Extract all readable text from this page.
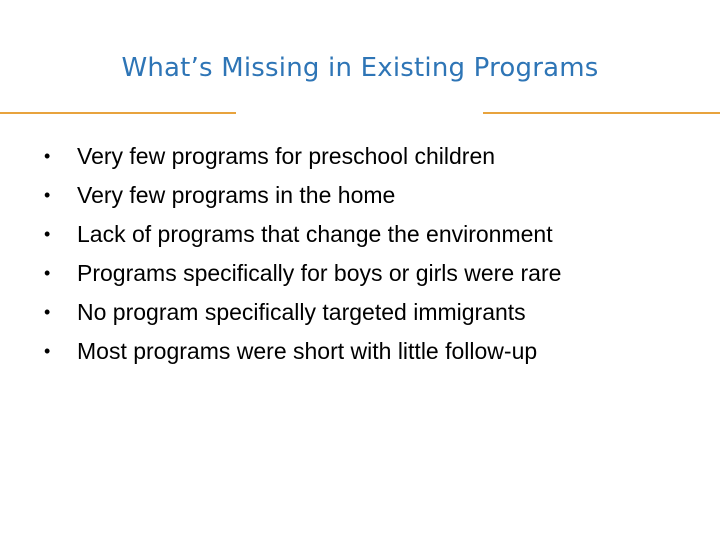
What’s Missing in Existing Programs
•	Very few programs for preschool children
•	Very few programs in the home
•	Lack of programs that change the environment
•	Programs specifically for boys or girls were rare
•	No program specifically targeted immigrants
•	Most programs were short with little follow-up
